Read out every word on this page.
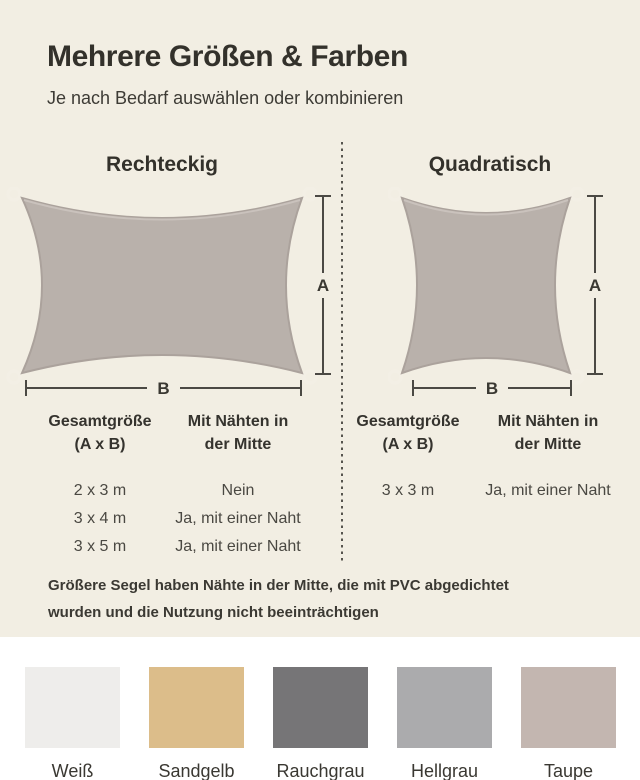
Mehrere Größen & Farben
Je nach Bedarf auswählen oder kombinieren
Rechteckig	Quadratisch
A
B
A
B
Gesamtgröße
(A x B)
Mit Nähten in
der Mitte
2 x 3 m	Nein
3 x 4 m	Ja, mit einer Naht
3 x 5 m	Ja, mit einer Naht
Gesamtgröße
(A x B)
Mit Nähten in
der Mitte
3 x 3 m	Ja, mit einer Naht
Größere Segel haben Nähte in der Mitte, die mit PVC abgedichtet wurden und die Nutzung nicht beeinträchtigen
Weiß	Sandgelb Rauchgrau	Hellgrau	Taupe
